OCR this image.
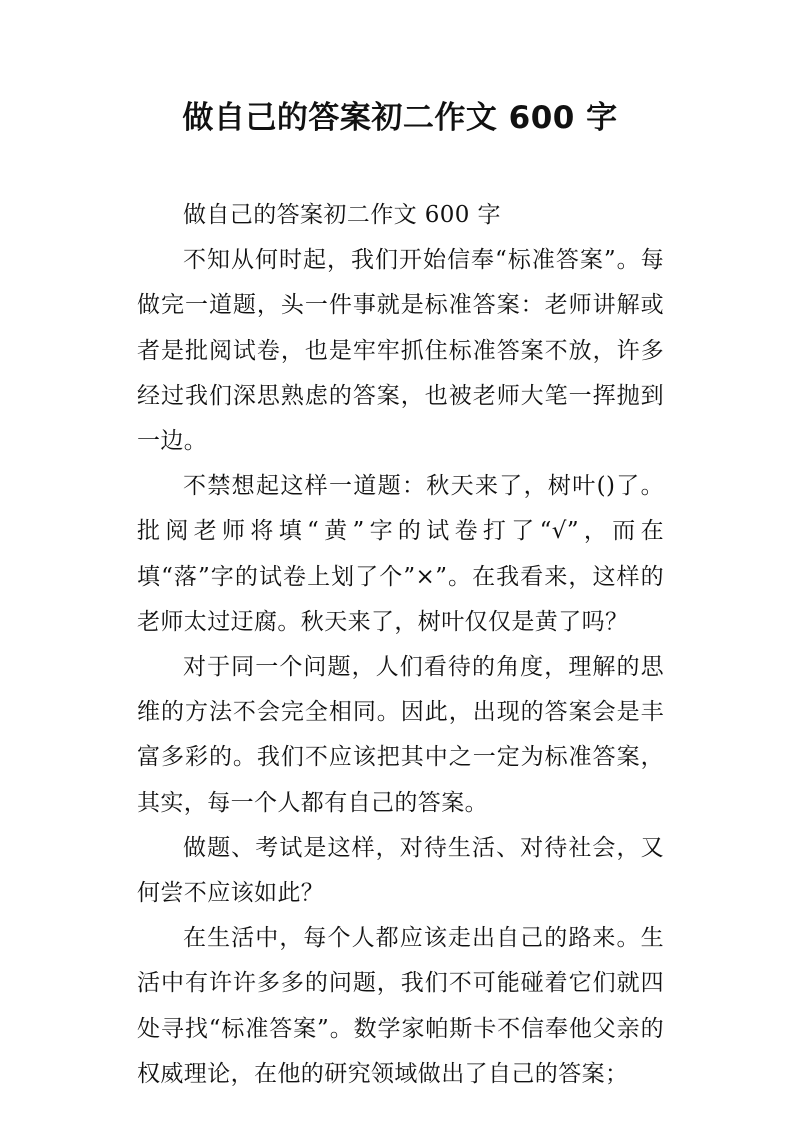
做自己的答案初二作文 600 字

做自己的答案初二作文 600 字

不知从何时起，我们开始信奉“标准答案”。每做完一道题，头一件事就是标准答案：老师讲解或者是批阅试卷，也是牢牢抓住标准答案不放，许多经过我们深思熟虑的答案，也被老师大笔一挥抛到一边。

不禁想起这样一道题：秋天来了，树叶()了。批阅老师将填“黄”字的试卷打了“√”，而在填“落”字的试卷上划了个”×”。在我看来，这样的老师太过迂腐。秋天来了，树叶仅仅是黄了吗？

对于同一个问题，人们看待的角度，理解的思维的方法不会完全相同。因此，出现的答案会是丰富多彩的。我们不应该把其中之一定为标准答案，其实，每一个人都有自己的答案。

做题、考试是这样，对待生活、对待社会，又何尝不应该如此？

在生活中，每个人都应该走出自己的路来。生活中有许许多多的问题，我们不可能碰着它们就四处寻找“标准答案”。数学家帕斯卡不信奉他父亲的权威理论，在他的研究领域做出了自己的答案；
